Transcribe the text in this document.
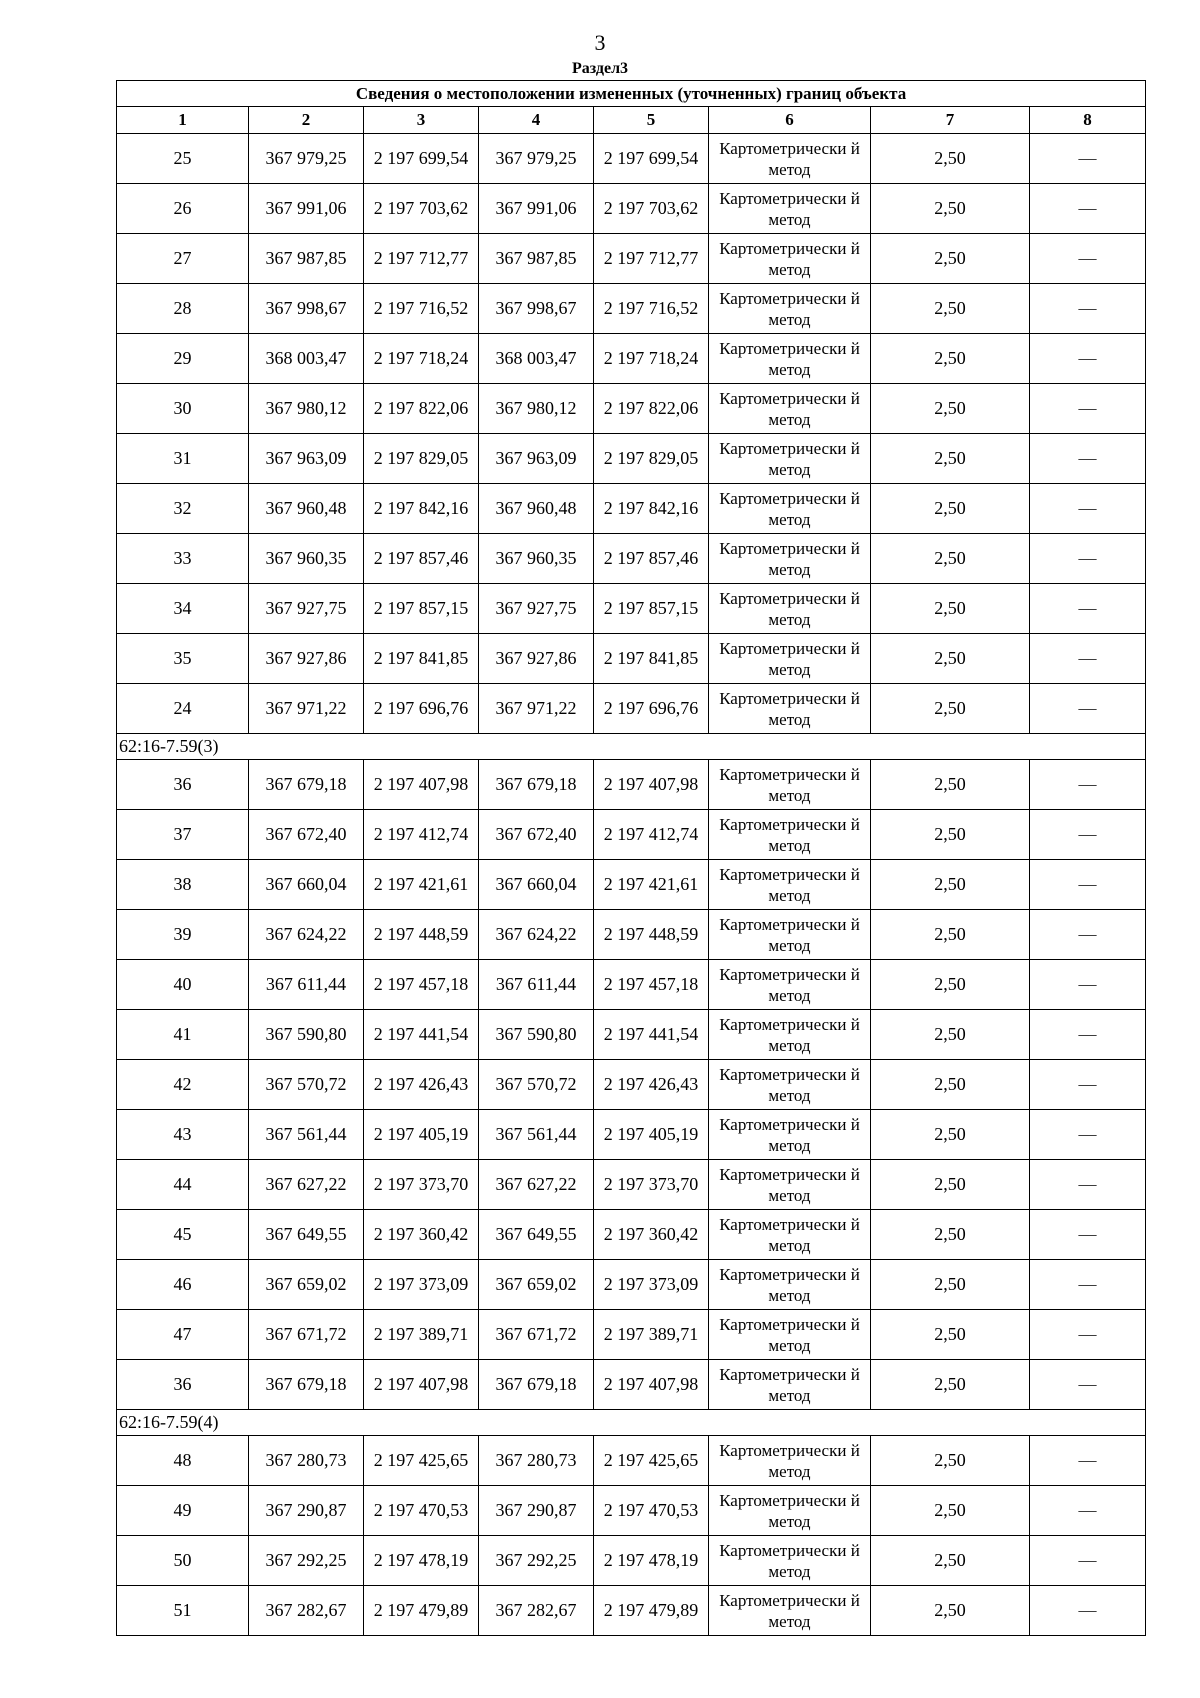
3
Раздел3
Сведения о местоположении измененных (уточненных) границ объекта							
1	2	3	4	5	6	7	8
25	367 979,25	2 197 699,54	367 979,25	2 197 699,54	Картометрически й метод	2,50	—
26	367 991,06	2 197 703,62	367 991,06	2 197 703,62	Картометрически й метод	2,50	—
27	367 987,85	2 197 712,77	367 987,85	2 197 712,77	Картометрически й метод	2,50	—
28	367 998,67	2 197 716,52	367 998,67	2 197 716,52	Картометрически й метод	2,50	—
29	368 003,47	2 197 718,24	368 003,47	2 197 718,24	Картометрически й метод	2,50	—
30	367 980,12	2 197 822,06	367 980,12	2 197 822,06	Картометрически й метод	2,50	—
31	367 963,09	2 197 829,05	367 963,09	2 197 829,05	Картометрически й метод	2,50	—
32	367 960,48	2 197 842,16	367 960,48	2 197 842,16	Картометрически й метод	2,50	—
33	367 960,35	2 197 857,46	367 960,35	2 197 857,46	Картометрически й метод	2,50	—
34	367 927,75	2 197 857,15	367 927,75	2 197 857,15	Картометрически й метод	2,50	—
35	367 927,86	2 197 841,85	367 927,86	2 197 841,85	Картометрически й метод	2,50	—
24	367 971,22	2 197 696,76	367 971,22	2 197 696,76	Картометрически й метод	2,50	—
62:16-7.59(3)							
36	367 679,18	2 197 407,98	367 679,18	2 197 407,98	Картометрически й метод	2,50	—
37	367 672,40	2 197 412,74	367 672,40	2 197 412,74	Картометрически й метод	2,50	—
38	367 660,04	2 197 421,61	367 660,04	2 197 421,61	Картометрически й метод	2,50	—
39	367 624,22	2 197 448,59	367 624,22	2 197 448,59	Картометрически й метод	2,50	—
40	367 611,44	2 197 457,18	367 611,44	2 197 457,18	Картометрически й метод	2,50	—
41	367 590,80	2 197 441,54	367 590,80	2 197 441,54	Картометрически й метод	2,50	—
42	367 570,72	2 197 426,43	367 570,72	2 197 426,43	Картометрически й метод	2,50	—
43	367 561,44	2 197 405,19	367 561,44	2 197 405,19	Картометрически й метод	2,50	—
44	367 627,22	2 197 373,70	367 627,22	2 197 373,70	Картометрически й метод	2,50	—
45	367 649,55	2 197 360,42	367 649,55	2 197 360,42	Картометрически й метод	2,50	—
46	367 659,02	2 197 373,09	367 659,02	2 197 373,09	Картометрически й метод	2,50	—
47	367 671,72	2 197 389,71	367 671,72	2 197 389,71	Картометрически й метод	2,50	—
36	367 679,18	2 197 407,98	367 679,18	2 197 407,98	Картометрически й метод	2,50	—
62:16-7.59(4)							
48	367 280,73	2 197 425,65	367 280,73	2 197 425,65	Картометрически й метод	2,50	—
49	367 290,87	2 197 470,53	367 290,87	2 197 470,53	Картометрически й метод	2,50	—
50	367 292,25	2 197 478,19	367 292,25	2 197 478,19	Картометрически й метод	2,50	—
51	367 282,67	2 197 479,89	367 282,67	2 197 479,89	Картометрически й метод	2,50	—
